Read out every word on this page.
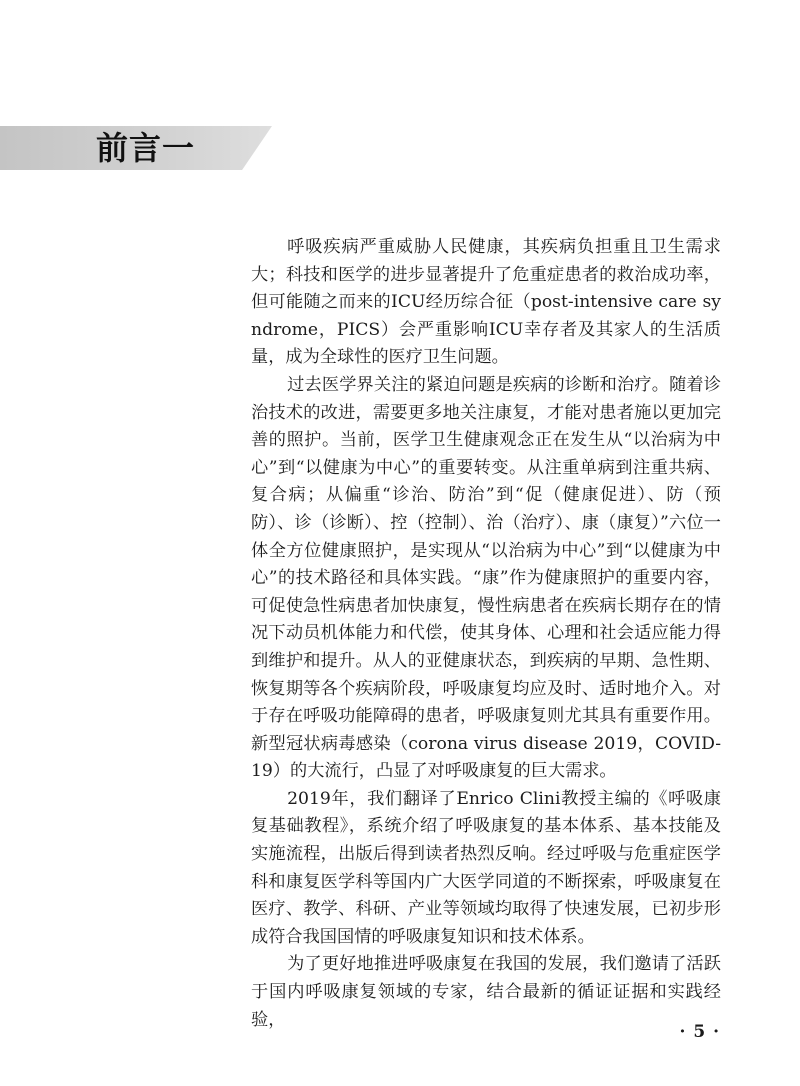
前言一

呼吸疾病严重威胁人民健康，其疾病负担重且卫生需求大；科技和医学的进步显著提升了危重症患者的救治成功率，但可能随之而来的ICU经历综合征（post-intensive care syndrome，PICS）会严重影响ICU幸存者及其家人的生活质量，成为全球性的医疗卫生问题。

过去医学界关注的紧迫问题是疾病的诊断和治疗。随着诊治技术的改进，需要更多地关注康复，才能对患者施以更加完善的照护。当前，医学卫生健康观念正在发生从“以治病为中心”到“以健康为中心”的重要转变。从注重单病到注重共病、复合病；从偏重“诊治、防治”到“促（健康促进）、防（预防）、诊（诊断）、控（控制）、治（治疗）、康（康复）”六位一体全方位健康照护，是实现从“以治病为中心”到“以健康为中心”的技术路径和具体实践。“康”作为健康照护的重要内容，可促使急性病患者加快康复，慢性病患者在疾病长期存在的情况下动员机体能力和代偿，使其身体、心理和社会适应能力得到维护和提升。从人的亚健康状态，到疾病的早期、急性期、恢复期等各个疾病阶段，呼吸康复均应及时、适时地介入。对于存在呼吸功能障碍的患者，呼吸康复则尤其具有重要作用。新型冠状病毒感染（corona virus disease 2019，COVID-19）的大流行，凸显了对呼吸康复的巨大需求。

2019年，我们翻译了Enrico Clini教授主编的《呼吸康复基础教程》，系统介绍了呼吸康复的基本体系、基本技能及实施流程，出版后得到读者热烈反响。经过呼吸与危重症医学科和康复医学科等国内广大医学同道的不断探索，呼吸康复在医疗、教学、科研、产业等领域均取得了快速发展，已初步形成符合我国国情的呼吸康复知识和技术体系。

为了更好地推进呼吸康复在我国的发展，我们邀请了活跃于国内呼吸康复领域的专家，结合最新的循证证据和实践经验，

· 5 ·
